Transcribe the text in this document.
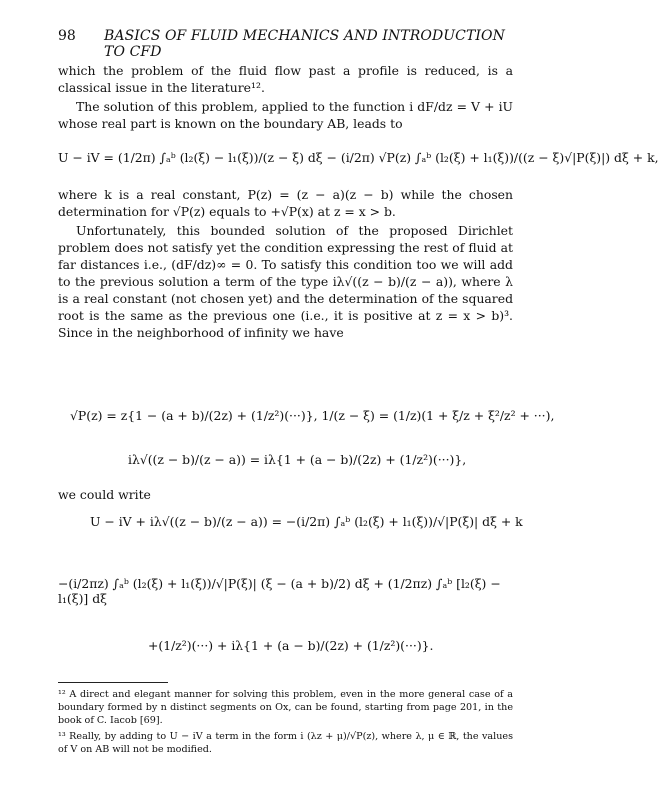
98 BASICS OF FLUID MECHANICS AND INTRODUCTION TO CFD
which the problem of the fluid flow past a profile is reduced, is a classical issue in the literature¹².
The solution of this problem, applied to the function i dF/dz = V + iU whose real part is known on the boundary AB, leads to
U − iV = (1/2π) ∫ₐᵇ (l₂(ξ) − l₁(ξ))/(z − ξ) dξ − (i/2π) √P(z) ∫ₐᵇ (l₂(ξ) + l₁(ξ))/((z − ξ)√|P(ξ)|) dξ + k,
where k is a real constant, P(z) = (z − a)(z − b) while the chosen determination for √P(z) equals to +√P(x) at z = x > b.
Unfortunately, this bounded solution of the proposed Dirichlet problem does not satisfy yet the condition expressing the rest of fluid at far distances i.e., (dF/dz)∞ = 0. To satisfy this condition too we will add to the previous solution a term of the type iλ√((z − b)/(z − a)), where λ is a real constant (not chosen yet) and the determination of the squared root is the same as the previous one (i.e., it is positive at z = x > b)³. Since in the neighborhood of infinity we have
√P(z) = z{1 − (a + b)/(2z) + (1/z²)(···)}, 1/(z − ξ) = (1/z)(1 + ξ/z + ξ²/z² + ···),
iλ√((z − b)/(z − a)) = iλ{1 + (a − b)/(2z) + (1/z²)(···)},
we could write
U − iV + iλ√((z − b)/(z − a)) = −(i/2π) ∫ₐᵇ (l₂(ξ) + l₁(ξ))/√|P(ξ)| dξ + k
−(i/2πz) ∫ₐᵇ (l₂(ξ) + l₁(ξ))/√|P(ξ)| (ξ − (a + b)/2) dξ + (1/2πz) ∫ₐᵇ [l₂(ξ) − l₁(ξ)] dξ
+(1/z²)(···) + iλ{1 + (a − b)/(2z) + (1/z²)(···)}.
¹² A direct and elegant manner for solving this problem, even in the more general case of a boundary formed by n distinct segments on Ox, can be found, starting from page 201, in the book of C. Iacob [69].
¹³ Really, by adding to U − iV a term in the form i (λz + μ)/√P(z), where λ, μ ∈ ℝ, the values of V on AB will not be modified.
